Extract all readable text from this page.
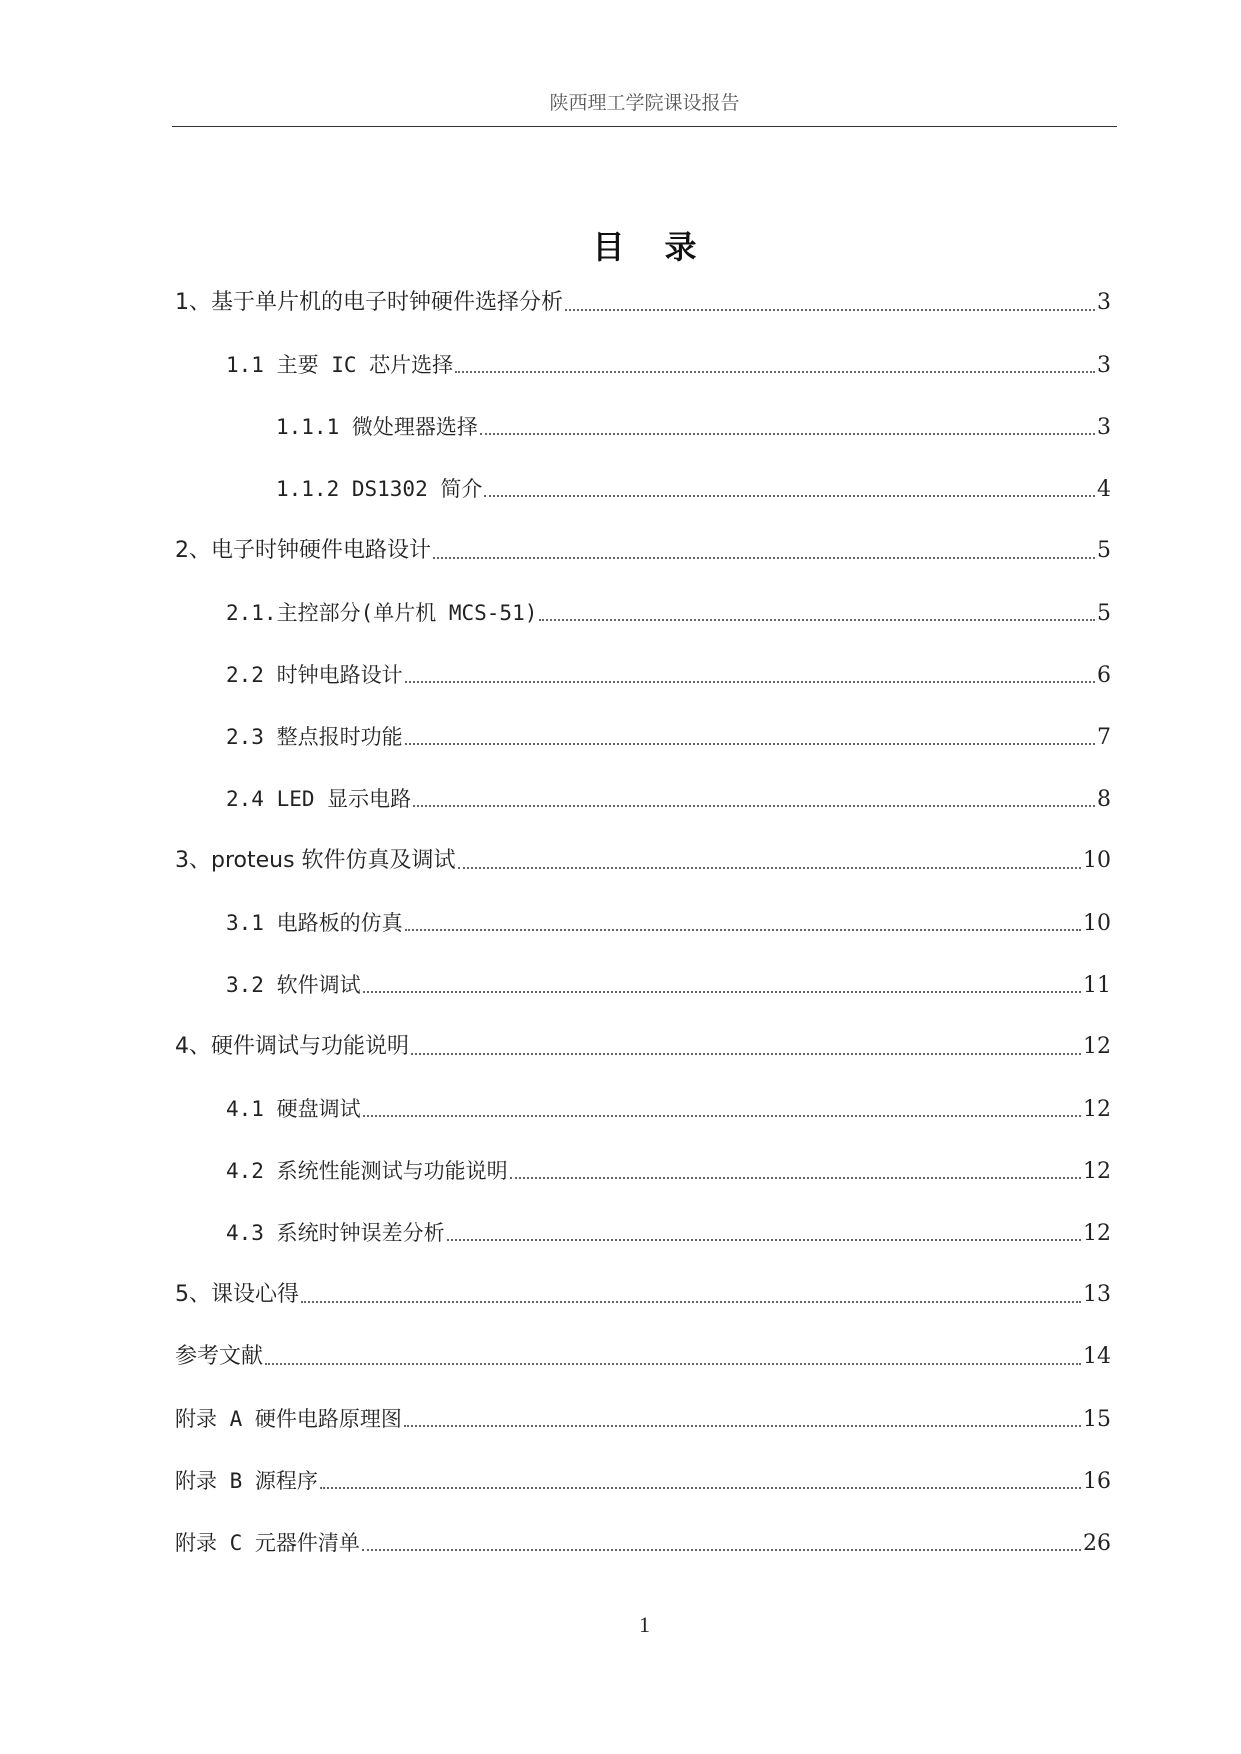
陕西理工学院课设报告
目录
1、基于单片机的电子时钟硬件选择分析	3
1.1 主要 IC 芯片选择	3
1.1.1 微处理器选择	3
1.1.2 DS1302 简介	4
2、电子时钟硬件电路设计	5
2.1.主控部分(单片机 MCS-51)	5
2.2 时钟电路设计	6
2.3 整点报时功能	7
2.4 LED 显示电路	8
3、proteus 软件仿真及调试	10
3.1 电路板的仿真	10
3.2 软件调试	11
4、硬件调试与功能说明	12
4.1 硬盘调试	12
4.2 系统性能测试与功能说明	12
4.3 系统时钟误差分析	12
5、课设心得	13
参考文献	14
附录 A 硬件电路原理图	15
附录 B 源程序	16
附录 C 元器件清单	26
1
